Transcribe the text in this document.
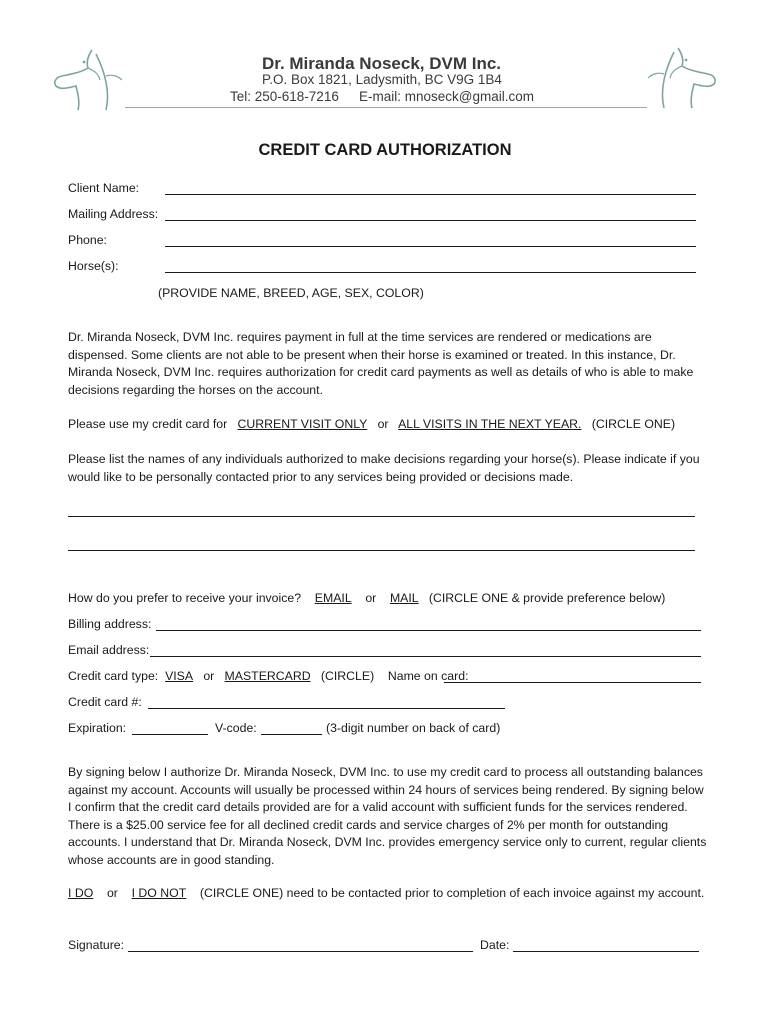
Dr. Miranda Noseck, DVM Inc.
P.O. Box 1821, Ladysmith, BC V9G 1B4
Tel: 250-618-7216 E-mail: mnoseck@gmail.com
CREDIT CARD AUTHORIZATION
Client Name:
Mailing Address:
Phone:
Horse(s):
(PROVIDE NAME, BREED, AGE, SEX, COLOR)
Dr. Miranda Noseck, DVM Inc. requires payment in full at the time services are rendered or medications are dispensed. Some clients are not able to be present when their horse is examined or treated. In this instance, Dr. Miranda Noseck, DVM Inc. requires authorization for credit card payments as well as details of who is able to make decisions regarding the horses on the account.
Please use my credit card for CURRENT VISIT ONLY or ALL VISITS IN THE NEXT YEAR. (CIRCLE ONE)
Please list the names of any individuals authorized to make decisions regarding your horse(s). Please indicate if you would like to be personally contacted prior to any services being provided or decisions made.
How do you prefer to receive your invoice? EMAIL or MAIL (CIRCLE ONE & provide preference below)
Billing address:
Email address:
Credit card type: VISA or MASTERCARD (CIRCLE) Name on card:
Credit card #:
Expiration:	V-code:	(3-digit number on back of card)
By signing below I authorize Dr. Miranda Noseck, DVM Inc. to use my credit card to process all outstanding balances against my account. Accounts will usually be processed within 24 hours of services being rendered. By signing below I confirm that the credit card details provided are for a valid account with sufficient funds for the services rendered. There is a $25.00 service fee for all declined credit cards and service charges of 2% per month for outstanding accounts. I understand that Dr. Miranda Noseck, DVM Inc. provides emergency service only to current, regular clients whose accounts are in good standing.
I DO or I DO NOT (CIRCLE ONE) need to be contacted prior to completion of each invoice against my account.
Signature:	Date:
